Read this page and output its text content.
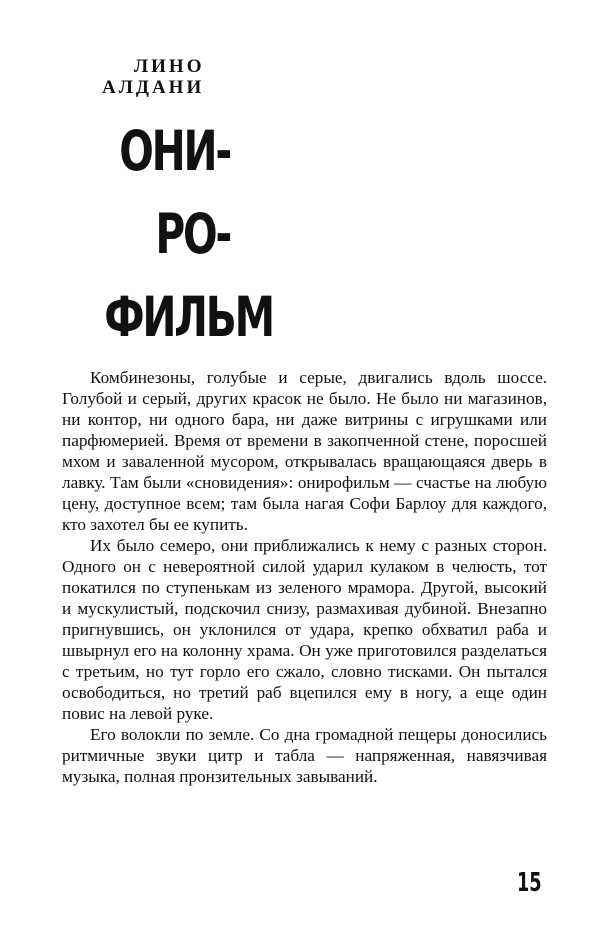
ЛИНО
АЛДАНИ
ОНИ-
РО-
ФИЛЬМ

Комбинезоны, голубые и серые, двигались вдоль шоссе. Голубой и серый, других красок не было. Не было ни магазинов, ни контор, ни одного бара, ни даже витрины с игрушками или парфюмерией. Время от времени в закопченной стене, поросшей мхом и заваленной мусором, открывалась вращающаяся дверь в лавку. Там были «сновидения»: онирофильм — счастье на любую цену, доступное всем; там была нагая Софи Барлоу для каждого, кто захотел бы ее купить.

Их было семеро, они приближались к нему с разных сторон. Одного он с невероятной силой ударил кулаком в челюсть, тот покатился по ступенькам из зеленого мрамора. Другой, высокий и мускулистый, подскочил снизу, размахивая дубиной. Внезапно пригнувшись, он уклонился от удара, крепко обхватил раба и швырнул его на колонну храма. Он уже приготовился разделаться с третьим, но тут горло его сжало, словно тисками. Он пытался освободиться, но третий раб вцепился ему в ногу, а еще один повис на левой руке.

Его волокли по земле. Со дна громадной пещеры доносились ритмичные звуки цитр и табла — напряженная, навязчивая музыка, полная пронзительных завываний.

15
